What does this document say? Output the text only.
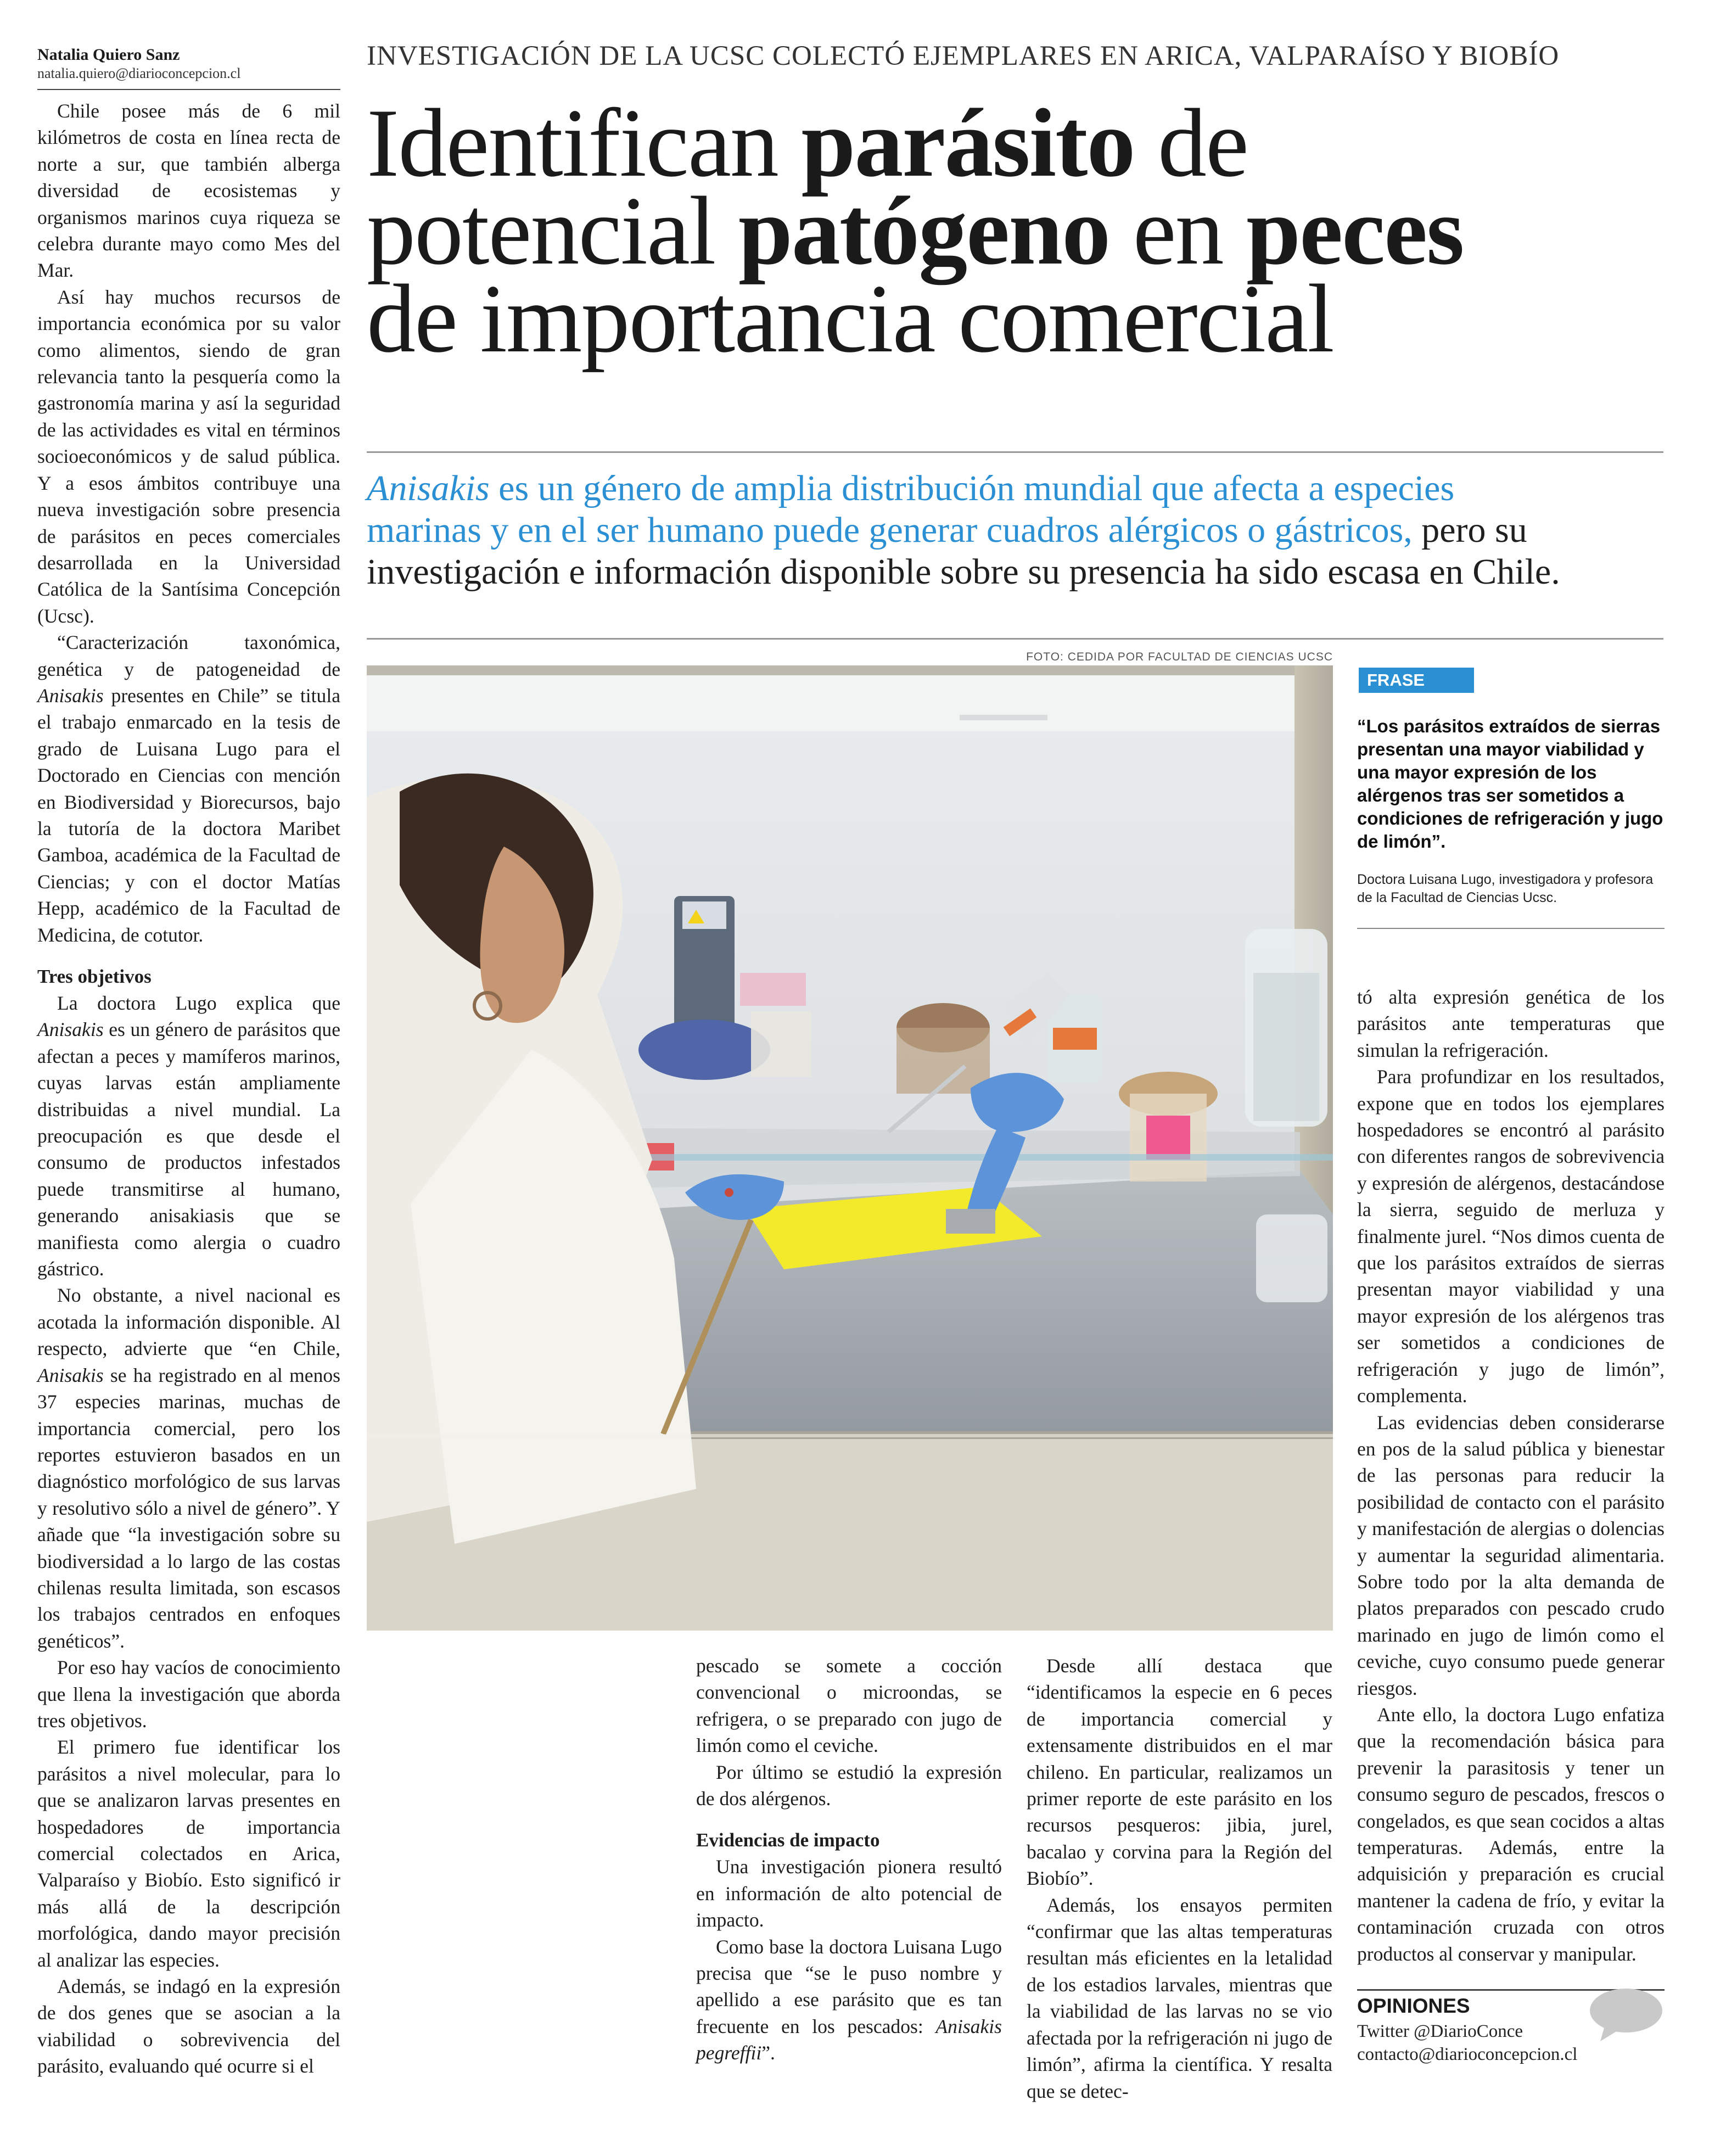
Natalia Quiero Sanz
natalia.quiero@diarioconcepcion.cl
INVESTIGACIÓN DE LA UCSC COLECTÓ EJEMPLARES EN ARICA, VALPARAÍSO Y BIOBÍO

Identifican parásito de

potencial patógeno en peces

de importancia comercial

Anisakis es un género de amplia distribución mundial que afecta a especies

marinas y en el ser humano puede generar cuadros alérgicos o gástricos, pero su

investigación e información disponible sobre su presencia ha sido escasa en Chile.

FOTO: CEDIDA POR FACULTAD DE CIENCIAS UCSC

Chile posee más de 6 mil kilómetros de costa en línea recta de norte a sur, que también alberga diversidad de ecosistemas y organismos marinos cuya riqueza se celebra durante mayo como Mes del Mar.

Así hay muchos recursos de importancia económica por su valor como alimentos, siendo de gran relevancia tanto la pesquería como la gastronomía marina y así la seguridad de las actividades es vital en términos socioeconómicos y de salud pública. Y a esos ámbitos contribuye una nueva investigación sobre presencia de parásitos en peces comerciales desarrollada en la Universidad Católica de la Santísima Concepción (Ucsc).

“Caracterización taxonómica, genética y de patogeneidad de Anisakis presentes en Chile” se titula el trabajo enmarcado en la tesis de grado de Luisana Lugo para el Doctorado en Ciencias con mención en Biodiversidad y Biorecursos, bajo la tutoría de la doctora Maribet Gamboa, académica de la Facultad de Ciencias; y con el doctor Matías Hepp, académico de la Facultad de Medicina, de cotutor.

Tres objetivos

La doctora Lugo explica que Anisakis es un género de parásitos que afectan a peces y mamíferos marinos, cuyas larvas están ampliamente distribuidas a nivel mundial. La preocupación es que desde el consumo de productos infestados puede transmitirse al humano, generando anisakiasis que se manifiesta como alergia o cuadro gástrico.

No obstante, a nivel nacional es acotada la información disponible. Al respecto, advierte que “en Chile, Anisakis se ha registrado en al menos 37 especies marinas, muchas de importancia comercial, pero los reportes estuvieron basados en un diagnóstico morfológico de sus larvas y resolutivo sólo a nivel de género”. Y añade que “la investigación sobre su biodiversidad a lo largo de las costas chilenas resulta limitada, son escasos los trabajos centrados en enfoques genéticos”.

Por eso hay vacíos de conocimiento que llena la investigación que aborda tres objetivos.

El primero fue identificar los parásitos a nivel molecular, para lo que se analizaron larvas presentes en hospedadores de importancia comercial colectados en Arica, Valparaíso y Biobío. Esto significó ir más allá de la descripción morfológica, dando mayor precisión al analizar las especies.

Además, se indagó en la expresión de dos genes que se asocian a la viabilidad o sobrevivencia del parásito, evaluando qué ocurre si el

pescado se somete a cocción convencional o microondas, se refrigera, o se preparado con jugo de limón como el ceviche.

Por último se estudió la expresión de dos alérgenos.

Evidencias de impacto

Una investigación pionera resultó en información de alto potencial de impacto.

Como base la doctora Luisana Lugo precisa que “se le puso nombre y apellido a ese parásito que es tan frecuente en los pescados: Anisakis pegreffii”.

Desde allí destaca que “identificamos la especie en 6 peces de importancia comercial y extensamente distribuidos en el mar chileno. En particular, realizamos un primer reporte de este parásito en los recursos pesqueros: jibia, jurel, bacalao y corvina para la Región del Biobío”.

Además, los ensayos permiten “confirmar que las altas temperaturas resultan más eficientes en la letalidad de los estadios larvales, mientras que la viabilidad de las larvas no se vio afectada por la refrigeración ni jugo de limón”, afirma la científica. Y resalta que se detec-

FRASE
“Los parásitos extraídos de sierras presentan una mayor viabilidad y una mayor expresión de los alérgenos tras ser sometidos a condiciones de refrigeración y jugo de limón”.
Doctora Luisana Lugo, investigadora y profesora de la Facultad de Ciencias Ucsc.

tó alta expresión genética de los parásitos ante temperaturas que simulan la refrigeración.

Para profundizar en los resultados, expone que en todos los ejemplares hospedadores se encontró al parásito con diferentes rangos de sobrevivencia y expresión de alérgenos, destacándose la sierra, seguido de merluza y finalmente jurel. “Nos dimos cuenta de que los parásitos extraídos de sierras presentan mayor viabilidad y una mayor expresión de los alérgenos tras ser sometidos a condiciones de refrigeración y jugo de limón”, complementa.

Las evidencias deben considerarse en pos de la salud pública y bienestar de las personas para reducir la posibilidad de contacto con el parásito y manifestación de alergias o dolencias y aumentar la seguridad alimentaria. Sobre todo por la alta demanda de platos preparados con pescado crudo marinado en jugo de limón como el ceviche, cuyo consumo puede generar riesgos.

Ante ello, la doctora Lugo enfatiza que la recomendación básica para prevenir la parasitosis y tener un consumo seguro de pescados, frescos o congelados, es que sean cocidos a altas temperaturas. Además, entre la adquisición y preparación es crucial mantener la cadena de frío, y evitar la contaminación cruzada con otros productos al conservar y manipular.

OPINIONES
Twitter @DiarioConce
contacto@diarioconcepcion.cl
